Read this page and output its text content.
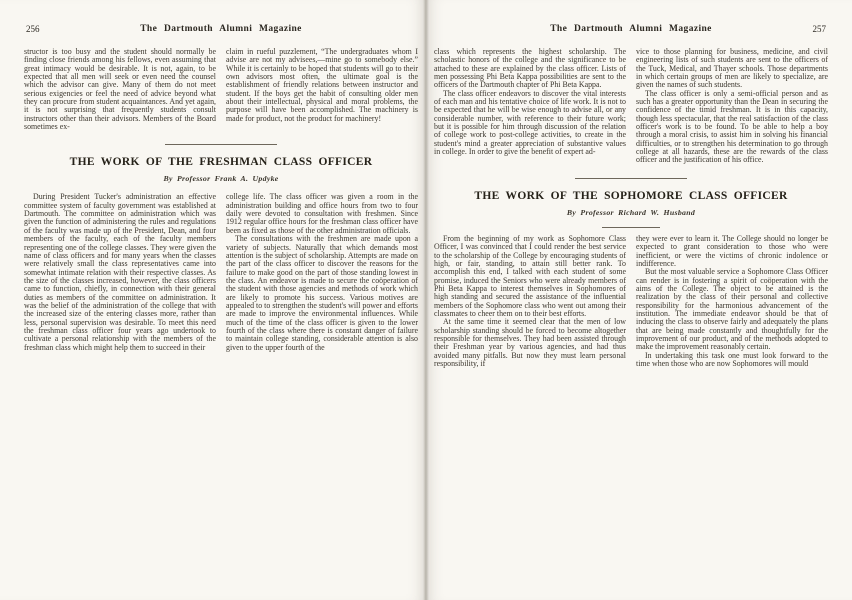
256	The Dartmouth Alumni Magazine

structor is too busy and the student should normally be finding close friends among his fellows, even assuming that great intimacy would be desirable. It is not, again, to be expected that all men will seek or even need the counsel which the advisor can give. Many of them do not meet serious exigencies or feel the need of advice beyond what they can procure from student acquaintances. And yet again, it is not surprising that frequently students consult instructors other than their advisors. Members of the Board sometimes ex-

claim in rueful puzzlement, “The undergraduates whom I advise are not my advisees,—mine go to somebody else.” While it is certainly to be hoped that students will go to their own advisors most often, the ultimate goal is the establishment of friendly relations between instructor and student. If the boys get the habit of consulting older men about their intellectual, physical and moral problems, the purpose will have been accomplished. The machinery is made for product, not the product for machinery!

THE WORK OF THE FRESHMAN CLASS OFFICER
By Professor Frank A. Updyke

During President Tucker's administration an effective committee system of faculty government was established at Dartmouth. The committee on administration which was given the function of administering the rules and regulations of the faculty was made up of the President, Dean, and four members of the faculty, each of the faculty members representing one of the college classes. They were given the name of class officers and for many years when the classes were relatively small the class representatives came into somewhat intimate relation with their respective classes. As the size of the classes increased, however, the class officers came to function, chiefly, in connection with their general duties as members of the committee on administration. It was the belief of the administration of the college that with the increased size of the entering classes more, rather than less, personal supervision was desirable. To meet this need the freshman class officer four years ago undertook to cultivate a personal relationship with the members of the freshman class which might help them to succeed in their

college life. The class officer was given a room in the administration building and office hours from two to four daily were devoted to consultation with freshmen. Since 1912 regular office hours for the freshman class officer have been as fixed as those of the other administration officials.

The consultations with the freshmen are made upon a variety of subjects. Naturally that which demands most attention is the subject of scholarship. Attempts are made on the part of the class officer to discover the reasons for the failure to make good on the part of those standing lowest in the class. An endeavor is made to secure the coöperation of the student with those agencies and methods of work which are likely to promote his success. Various motives are appealed to to strengthen the student's will power and efforts are made to improve the environmental influences. While much of the time of the class officer is given to the lower fourth of the class where there is constant danger of failure to maintain college standing, considerable attention is also given to the upper fourth of the

The Dartmouth Alumni Magazine	257

class which represents the highest scholarship. The scholastic honors of the college and the significance to be attached to these are explained by the class officer. Lists of men possessing Phi Beta Kappa possibilities are sent to the officers of the Dartmouth chapter of Phi Beta Kappa.

The class officer endeavors to discover the vital interests of each man and his tentative choice of life work. It is not to be expected that he will be wise enough to advise all, or any considerable number, with reference to their future work; but it is possible for him through discussion of the relation of college work to post-college activities, to create in the student's mind a greater appreciation of substantive values in college. In order to give the benefit of expert ad-

vice to those planning for business, medicine, and civil engineering lists of such students are sent to the officers of the Tuck, Medical, and Thayer schools. Those departments in which certain groups of men are likely to specialize, are given the names of such students.

The class officer is only a semi-official person and as such has a greater opportunity than the Dean in securing the confidence of the timid freshman. It is in this capacity, though less spectacular, that the real satisfaction of the class officer's work is to be found. To be able to help a boy through a moral crisis, to assist him in solving his financial difficulties, or to strengthen his determination to go through college at all hazards, these are the rewards of the class officer and the justification of his office.

THE WORK OF THE SOPHOMORE CLASS OFFICER
By Professor Richard W. Husband

From the beginning of my work as Sophomore Class Officer, I was convinced that I could render the best service to the scholarship of the College by encouraging students of high, or fair, standing, to attain still better rank. To accomplish this end, I talked with each student of some promise, induced the Seniors who were already members of Phi Beta Kappa to interest themselves in Sophomores of high standing and secured the assistance of the influential members of the Sophomore class who went out among their classmates to cheer them on to their best efforts.

At the same time it seemed clear that the men of low scholarship standing should be forced to become altogether responsible for themselves. They had been assisted through their Freshman year by various agencies, and had thus avoided many pitfalls. But now they must learn personal responsibility, if

they were ever to learn it. The College should no longer be expected to grant consideration to those who were inefficient, or were the victims of chronic indolence or indifference.

But the most valuable service a Sophomore Class Officer can render is in fostering a spirit of coöperation with the aims of the College. The object to be attained is the realization by the class of their personal and collective responsibility for the harmonious advancement of the institution. The immediate endeavor should be that of inducing the class to observe fairly and adequately the plans that are being made constantly and thoughtfully for the improvement of our product, and of the methods adopted to make the improvement reasonably certain.

In undertaking this task one must look forward to the time when those who are now Sophomores will mould
